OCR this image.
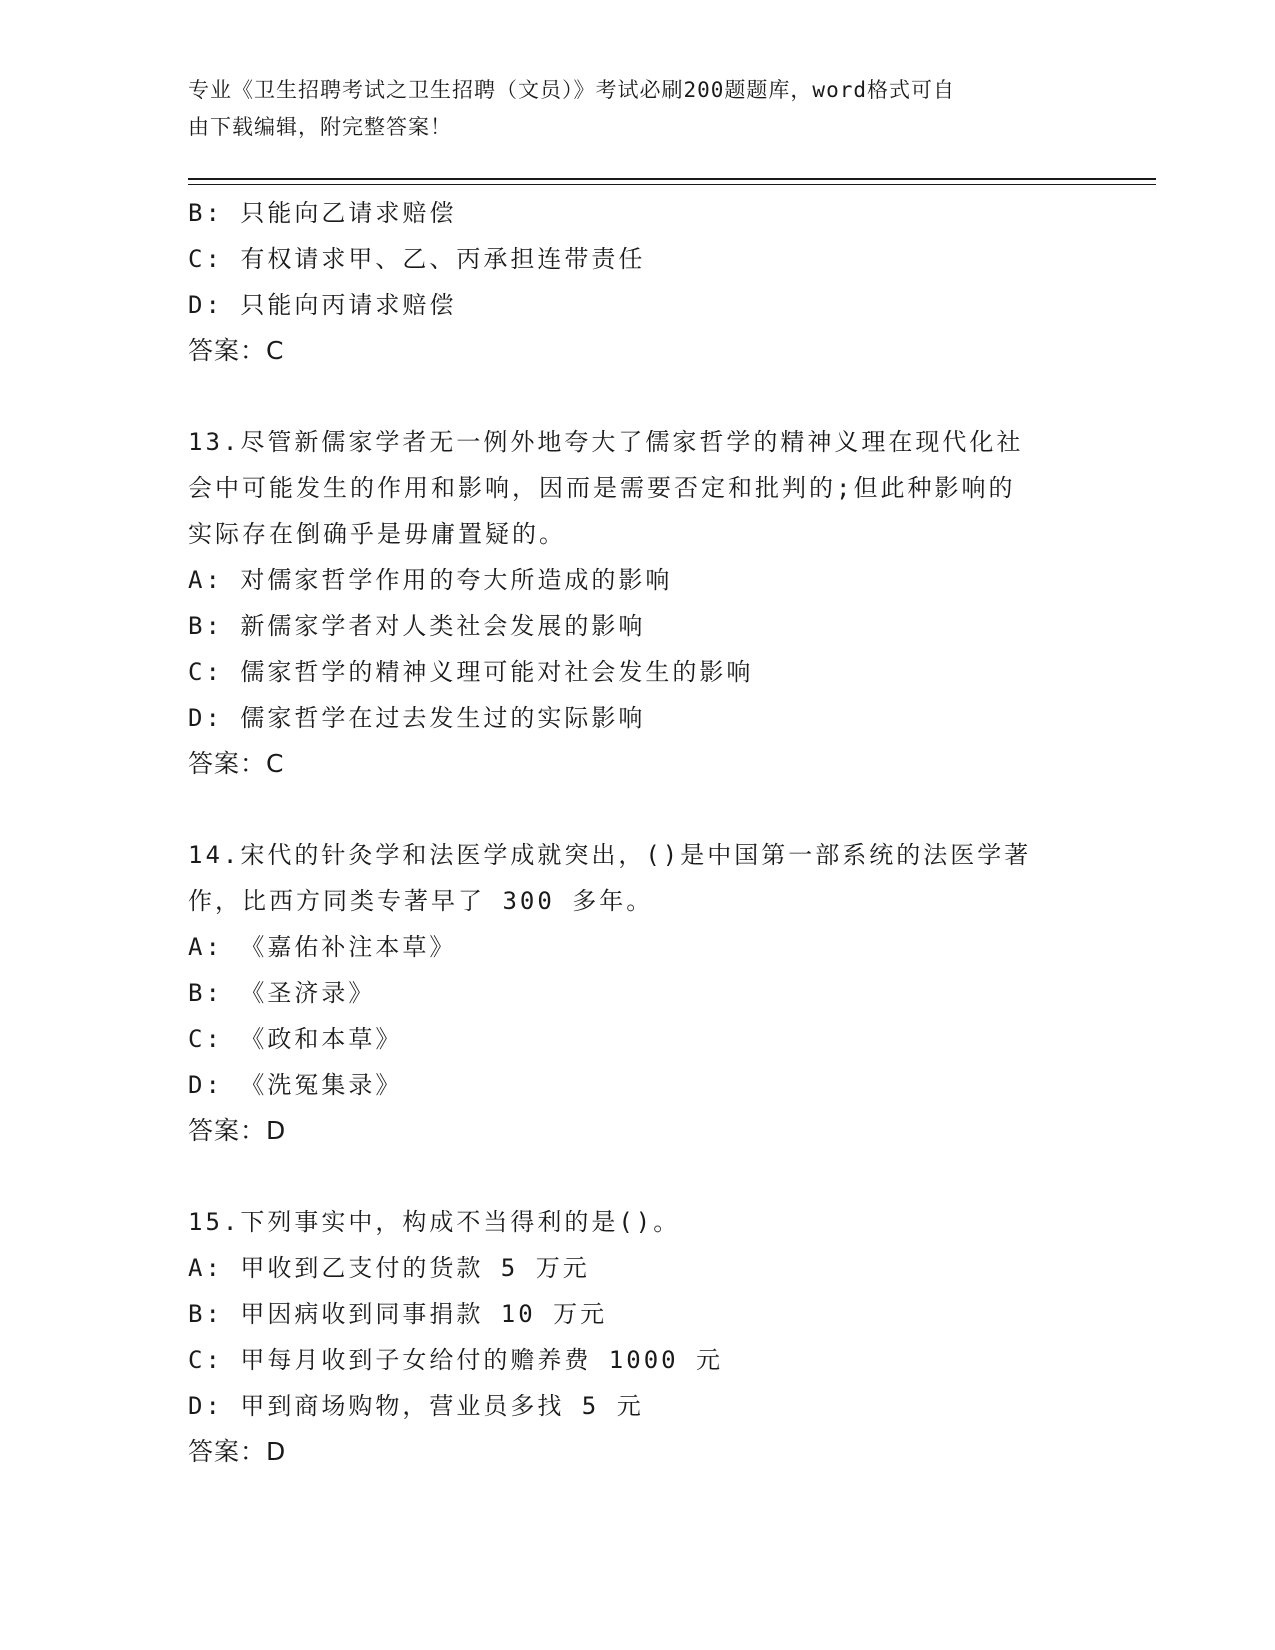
专业《卫生招聘考试之卫生招聘（文员）》考试必刷200题题库，word格式可自
由下载编辑，附完整答案！
B: 只能向乙请求赔偿
C: 有权请求甲、乙、丙承担连带责任
D: 只能向丙请求赔偿
答案：C
13.尽管新儒家学者无一例外地夸大了儒家哲学的精神义理在现代化社
会中可能发生的作用和影响，因而是需要否定和批判的;但此种影响的
实际存在倒确乎是毋庸置疑的。
A: 对儒家哲学作用的夸大所造成的影响
B: 新儒家学者对人类社会发展的影响
C: 儒家哲学的精神义理可能对社会发生的影响
D: 儒家哲学在过去发生过的实际影响
答案：C
14.宋代的针灸学和法医学成就突出，()是中国第一部系统的法医学著
作，比西方同类专著早了 300 多年。
A: 《嘉佑补注本草》
B: 《圣济录》
C: 《政和本草》
D: 《洗冤集录》
答案：D
15.下列事实中，构成不当得利的是()。
A: 甲收到乙支付的货款 5 万元
B: 甲因病收到同事捐款 10 万元
C: 甲每月收到子女给付的赡养费 1000 元
D: 甲到商场购物，营业员多找 5 元
答案：D
